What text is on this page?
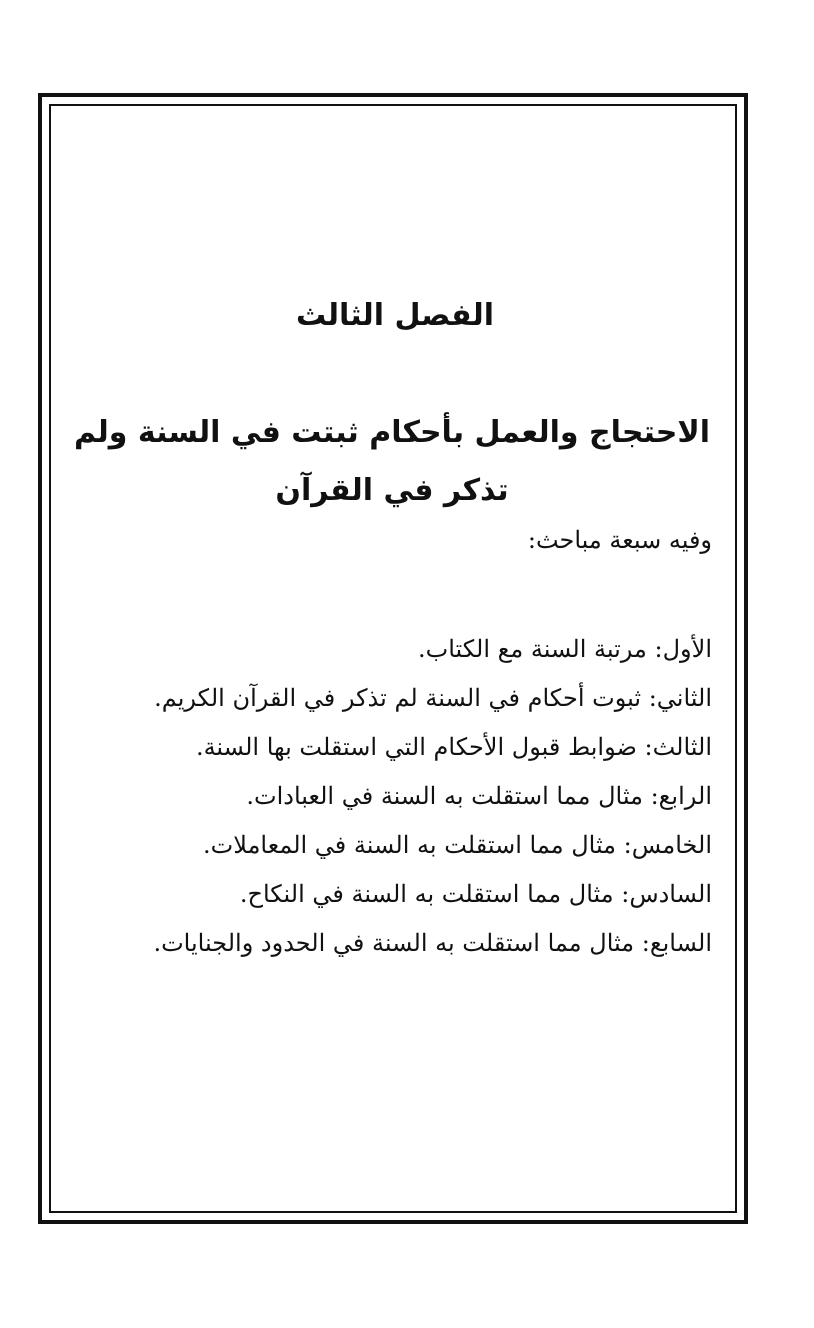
الفصل الثالث
الاحتجاج والعمل بأحكام ثبتت في السنة ولم تذكر في القرآن

وفيه سبعة مباحث:

الأول: مرتبة السنة مع الكتاب.
الثاني: ثبوت أحكام في السنة لم تذكر في القرآن الكريم.
الثالث: ضوابط قبول الأحكام التي استقلت بها السنة.
الرابع: مثال مما استقلت به السنة في العبادات.
الخامس: مثال مما استقلت به السنة في المعاملات.
السادس: مثال مما استقلت به السنة في النكاح.
السابع: مثال مما استقلت به السنة في الحدود والجنايات.
